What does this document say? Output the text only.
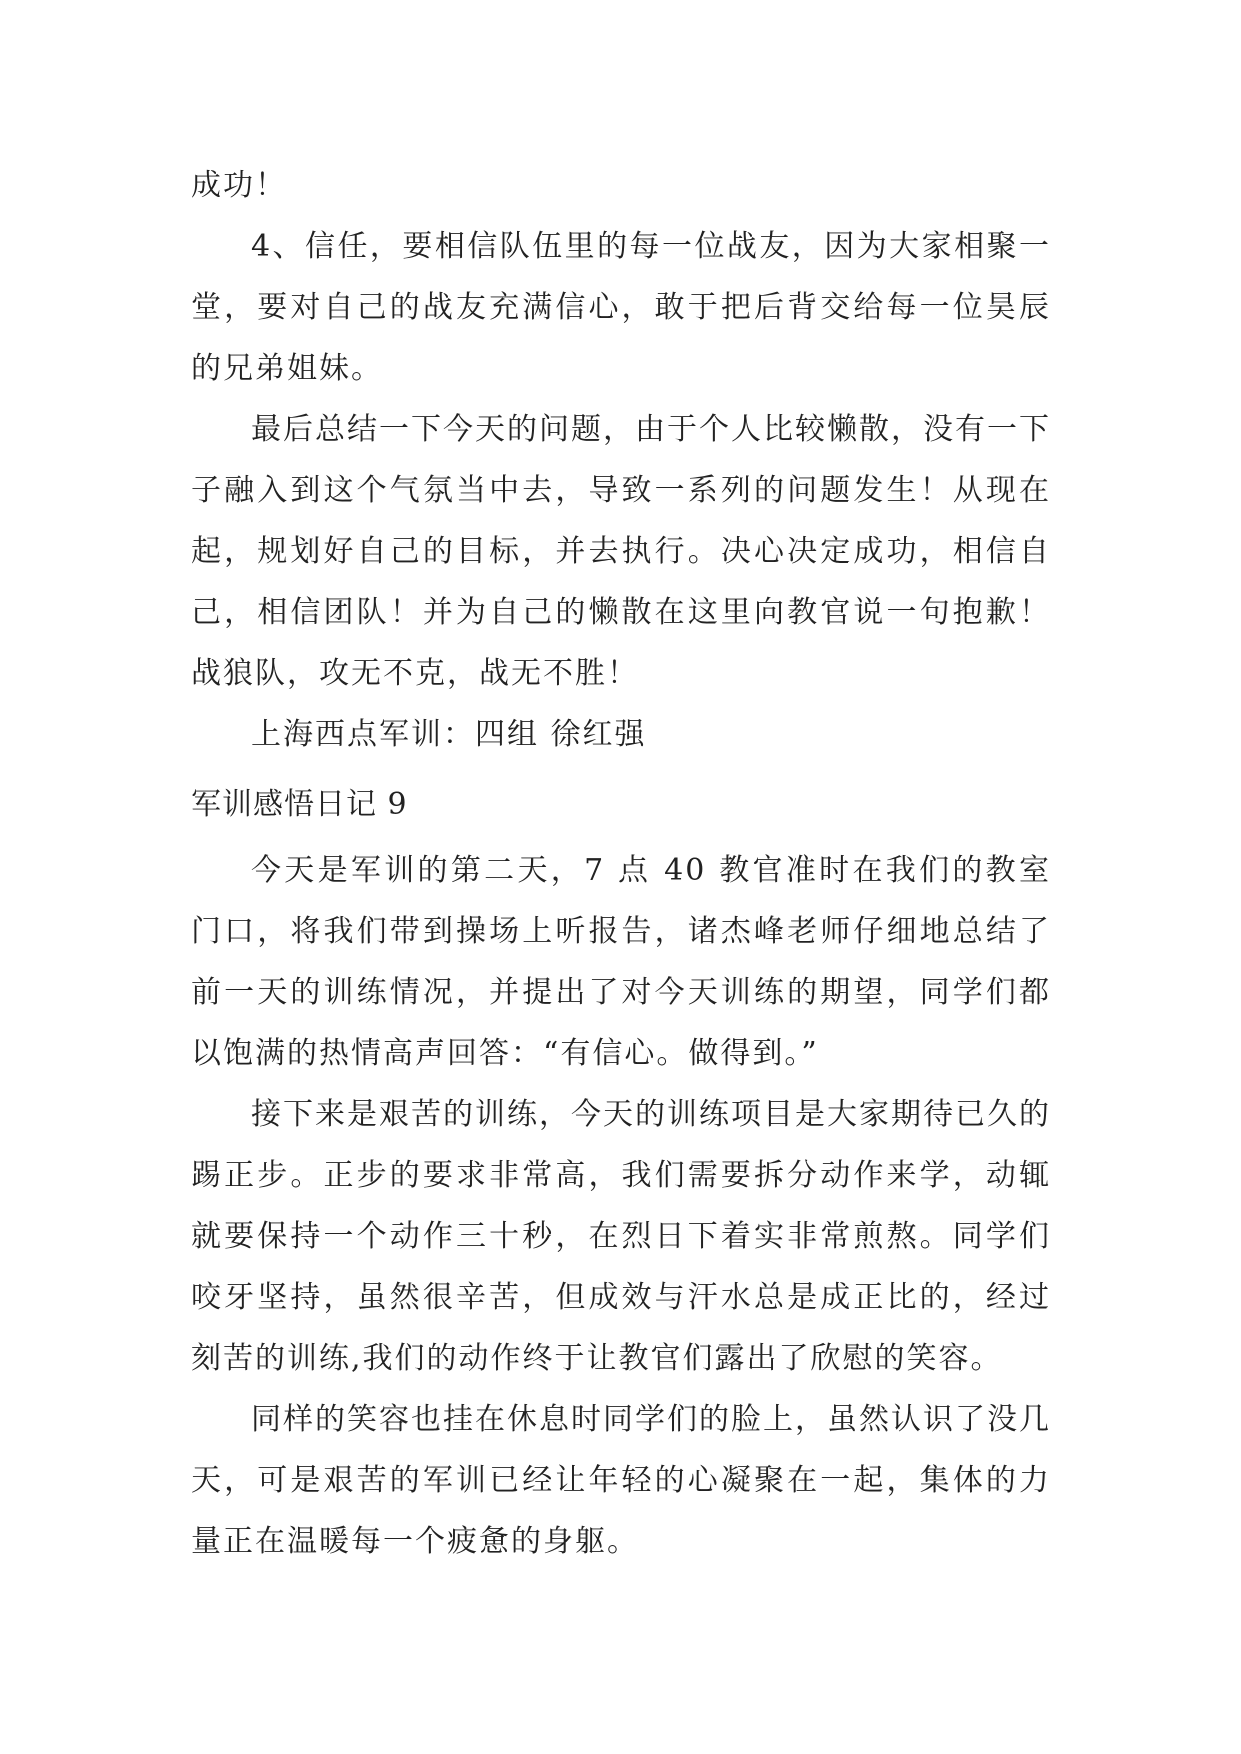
成功！

4、信任，要相信队伍里的每一位战友，因为大家相聚一堂，要对自己的战友充满信心，敢于把后背交给每一位昊辰的兄弟姐妹。

最后总结一下今天的问题，由于个人比较懒散，没有一下子融入到这个气氛当中去，导致一系列的问题发生！从现在起，规划好自己的目标，并去执行。决心决定成功，相信自己，相信团队！并为自己的懒散在这里向教官说一句抱歉！战狼队，攻无不克，战无不胜！

上海西点军训：四组 徐红强

军训感悟日记 9

今天是军训的第二天，7 点 40 教官准时在我们的教室门口，将我们带到操场上听报告，诸杰峰老师仔细地总结了前一天的训练情况，并提出了对今天训练的期望，同学们都以饱满的热情高声回答：“有信心。做得到。”

接下来是艰苦的训练，今天的训练项目是大家期待已久的踢正步。正步的要求非常高，我们需要拆分动作来学，动辄就要保持一个动作三十秒，在烈日下着实非常煎熬。同学们咬牙坚持，虽然很辛苦，但成效与汗水总是成正比的，经过刻苦的训练,我们的动作终于让教官们露出了欣慰的笑容。

同样的笑容也挂在休息时同学们的脸上，虽然认识了没几天，可是艰苦的军训已经让年轻的心凝聚在一起，集体的力量正在温暖每一个疲惫的身躯。
